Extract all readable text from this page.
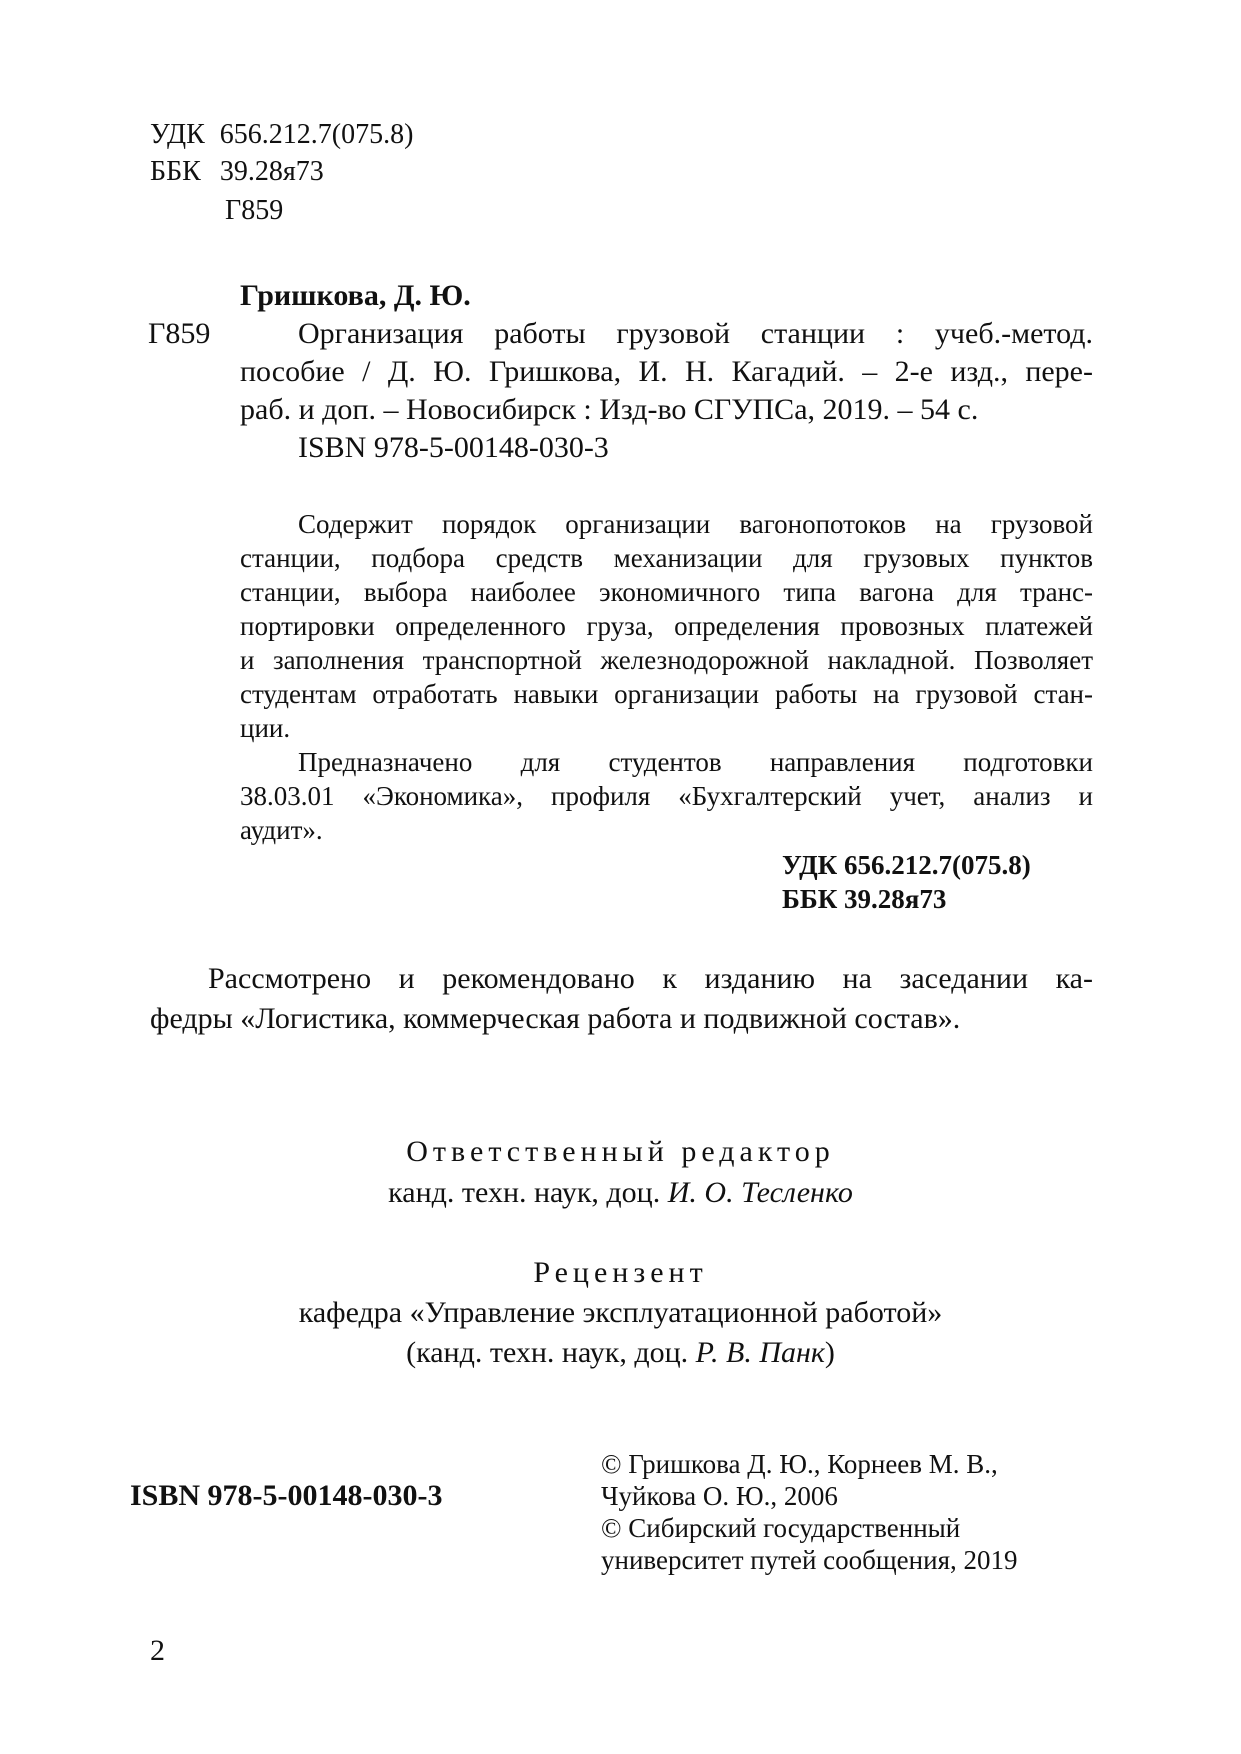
УДК 656.212.7(075.8)
ББК 39.28я73
Г859
Гришкова, Д. Ю.
Г859	Организация работы грузовой станции : учеб.-метод.
пособие / Д. Ю. Гришкова, И. Н. Кагадий. – 2-е изд., пере-
раб. и доп. – Новосибирск : Изд-во СГУПСа, 2019. – 54 с.
ISBN 978-5-00148-030-3
Содержит порядок организации вагонопотоков на грузовой
станции, подбора средств механизации для грузовых пунктов
станции, выбора наиболее экономичного типа вагона для транс-
портировки определенного груза, определения провозных платежей
и заполнения транспортной железнодорожной накладной. Позволяет
студентам отработать навыки организации работы на грузовой стан-
ции.
Предназначено для студентов направления подготовки
38.03.01 «Экономика», профиля «Бухгалтерский учет, анализ и
аудит».
УДК 656.212.7(075.8)
ББК 39.28я73
Рассмотрено и рекомендовано к изданию на заседании ка-
федры «Логистика, коммерческая работа и подвижной состав».
Ответственный редактор
канд. техн. наук, доц. И. О. Тесленко
Рецензент
кафедра «Управление эксплуатационной работой»
(канд. техн. наук, доц. Р. В. Панк)
ISBN 978-5-00148-030-3
© Гришкова Д. Ю., Корнеев М. В.,
Чуйкова О. Ю., 2006
© Сибирский государственный
университет путей сообщения, 2019
2
